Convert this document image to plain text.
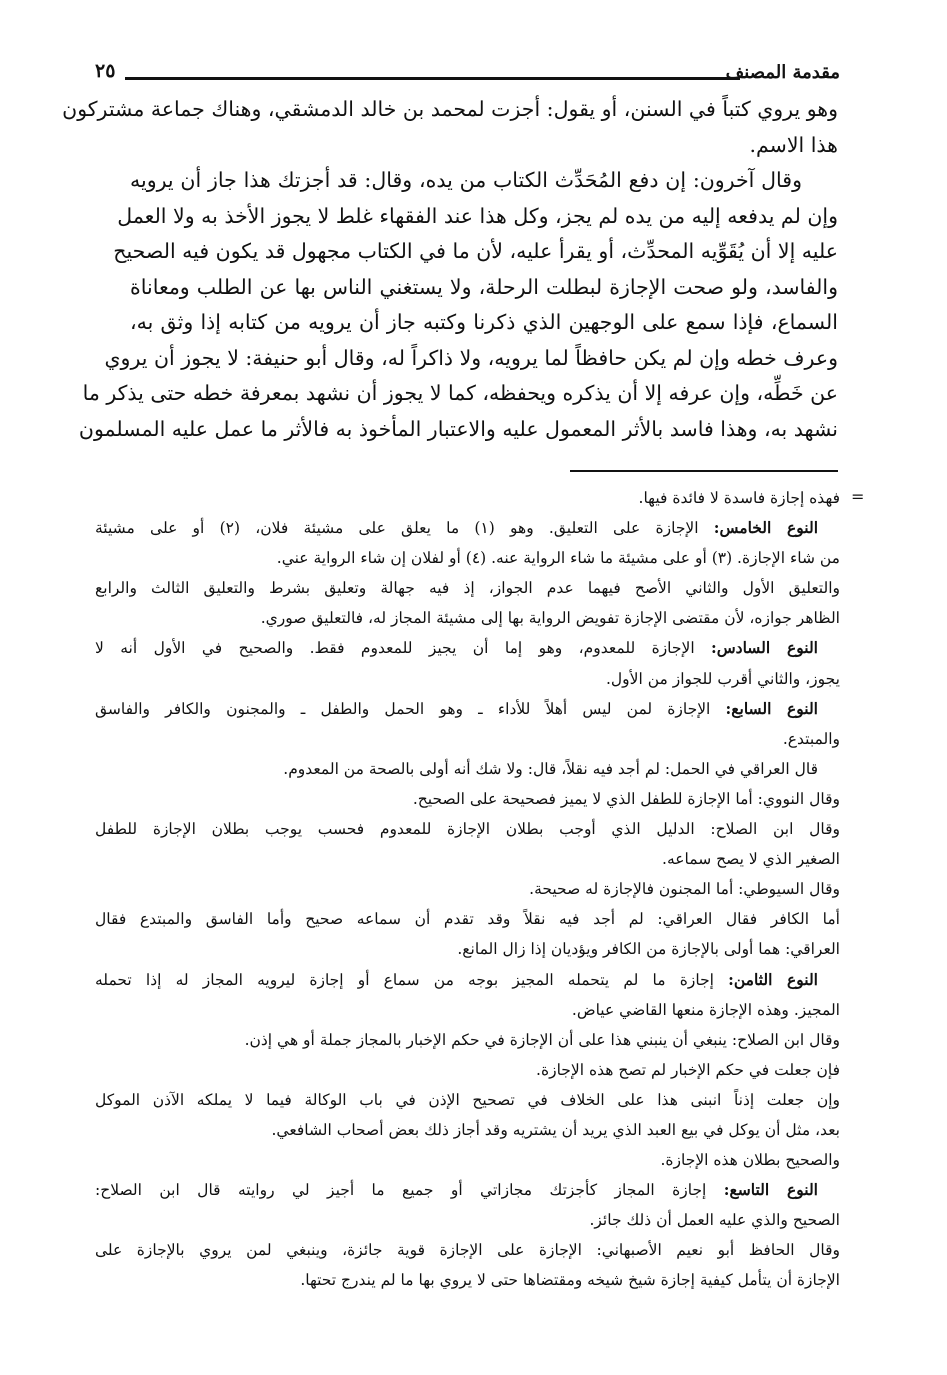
مقدمة المصنف
٢٥
وهو يروي كتباً في السنن، أو يقول: أجزت لمحمد بن خالد الدمشقي، وهناك جماعة مشتركون
هذا الاسم.
وقال آخرون: إن دفع المُحَدِّث الكتاب من يده، وقال: قد أجزتك هذا جاز أن يرويه
وإن لم يدفعه إليه من يده لم يجز، وكل هذا عند الفقهاء غلط لا يجوز الأخذ به ولا العمل
عليه إلا أن يُقَوِّيه المحدِّث، أو يقرأ عليه، لأن ما في الكتاب مجهول قد يكون فيه الصحيح
والفاسد، ولو صحت الإجازة لبطلت الرحلة، ولا يستغني الناس بها عن الطلب ومعاناة
السماع، فإذا سمع على الوجهين الذي ذكرنا وكتبه جاز أن يرويه من كتابه إذا وثق به،
وعرف خطه وإن لم يكن حافظاً لما يرويه، ولا ذاكراً له، وقال أبو حنيفة: لا يجوز أن يروي
عن خَطِّه، وإن عرفه إلا أن يذكره ويحفظه، كما لا يجوز أن نشهد بمعرفة خطه حتى يذكر ما
نشهد به، وهذا فاسد بالأثر المعمول عليه والاعتبار المأخوذ به فالأثر ما عمل عليه المسلمون
=
فهذه إجازة فاسدة لا فائدة فيها.
النوع الخامس: الإجازة على التعليق. وهو (١) ما يعلق على مشيئة فلان، (٢) أو على مشيئة
من شاء الإجازة. (٣) أو على مشيئة ما شاء الرواية عنه. (٤) أو لفلان إن شاء الرواية عني.
والتعليق الأول والثاني الأصح فيهما عدم الجواز، إذ فيه جهالة وتعليق بشرط والتعليق الثالث والرابع
الظاهر جوازه، لأن مقتضى الإجازة تفويض الرواية بها إلى مشيئة المجاز له، فالتعليق صوري.
النوع السادس: الإجازة للمعدوم، وهو إما أن يجيز للمعدوم فقط. والصحيح في الأول أنه لا
يجوز، والثاني أقرب للجواز من الأول.
النوع السابع: الإجازة لمن ليس أهلاً للأداء ـ وهو الحمل والطفل ـ والمجنون والكافر والفاسق
والمبتدع.
قال العراقي في الحمل: لم أجد فيه نقلاً، قال: ولا شك أنه أولى بالصحة من المعدوم.
وقال النووي: أما الإجازة للطفل الذي لا يميز فصحيحة على الصحيح.
وقال ابن الصلاح: الدليل الذي أوجب بطلان الإجازة للمعدوم فحسب يوجب بطلان الإجازة للطفل
الصغير الذي لا يصح سماعه.
وقال السيوطي: أما المجنون فالإجازة له صحيحة.
أما الكافر فقال العراقي: لم أجد فيه نقلاً وقد تقدم أن سماعه صحيح وأما الفاسق والمبتدع فقال
العراقي: هما أولى بالإجازة من الكافر ويؤديان إذا زال المانع.
النوع الثامن: إجازة ما لم يتحمله المجيز بوجه من سماع أو إجازة ليرويه المجاز له إذا تحمله
المجيز. وهذه الإجازة منعها القاضي عياض.
وقال ابن الصلاح: ينبغي أن ينبني هذا على أن الإجازة في حكم الإخبار بالمجاز جملة أو هي إذن.
فإن جعلت في حكم الإخبار لم تصح هذه الإجازة.
وإن جعلت إذناً انبنى هذا على الخلاف في تصحيح الإذن في باب الوكالة فيما لا يملكه الآذن الموكل
بعد، مثل أن يوكل في بيع العبد الذي يريد أن يشتريه وقد أجاز ذلك بعض أصحاب الشافعي.
والصحيح بطلان هذه الإجازة.
النوع التاسع: إجازة المجاز كأجزتك مجازاتي أو جميع ما أجيز لي روايته قال ابن الصلاح:
الصحيح والذي عليه العمل أن ذلك جائز.
وقال الحافظ أبو نعيم الأصبهاني: الإجازة على الإجازة قوية جائزة، وينبغي لمن يروي بالإجازة على
الإجازة أن يتأمل كيفية إجازة شيخ شيخه ومقتضاها حتى لا يروي بها ما لم يندرج تحتها.
